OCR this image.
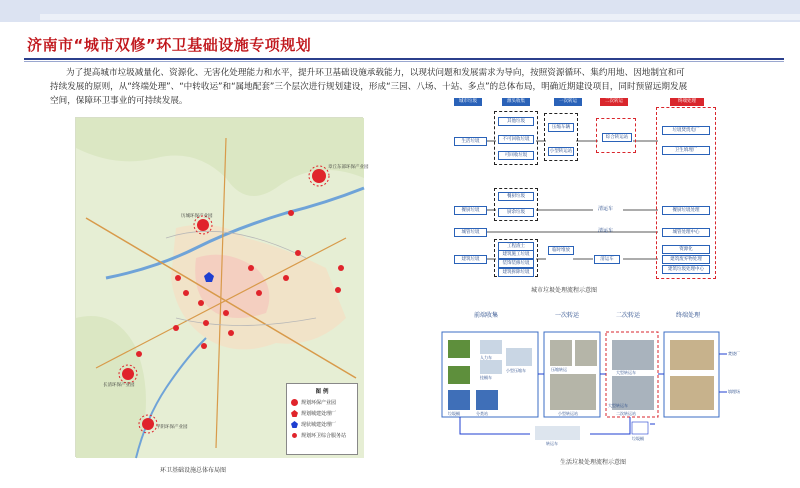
济南市“城市双修”环卫基础设施专项规划

为了提高城市垃圾减量化、资源化、无害化处理能力和水平，提升环卫基础设施承载能力，以现状问题和发展需求为导向，按照资源循环、集约用地、因地制宜和可持续发展的原则，从“终端处理”、“中转收运”和“属地配套”三个层次进行规划建设，形成“三园、八场、十站、多点”的总体布局，明确近期建设项目，同时预留远期发展空间，保障环卫事业的可持续发展。

章丘东部环保产业园
历城环保产业园
长清环保产业园
平阴环保产业园
图 例
规划环保产业园
规划城建处理厂
现状城建处理厂
规划环卫综合服务站
环卫基础设施总体布局图
城市垃圾	源头收集	一次转运	二次转运	终端处理
生活垃圾
餐厨垃圾
城管垃圾
建筑垃圾
其他垃圾
不可回收垃圾
可回收垃圾
餐厨垃圾
厨余垃圾
工程渣土
建筑施工垃圾
装饰装修垃圾
建筑拆除垃圾
压缩车辆
小型转运站
清运车
清运车
临时堆放
清运车
综合转运站
垃圾焚烧电厂
卫生填埋厂
餐厨垃圾处理
城管处理中心
资源化
建筑废弃物处理
建筑垃圾处理中心
城市垃圾处理流程示意图
前端收集	一次转运	二次转运	终端处理
小型压缩车
人力车
挂桶车
垃圾桶	分类站
压缩转运
小型转运站
大型转运车
二次转运站
大型转运车
焚烧厂
填埋场
转运车
垃圾桶
生活垃圾处理流程示意图
